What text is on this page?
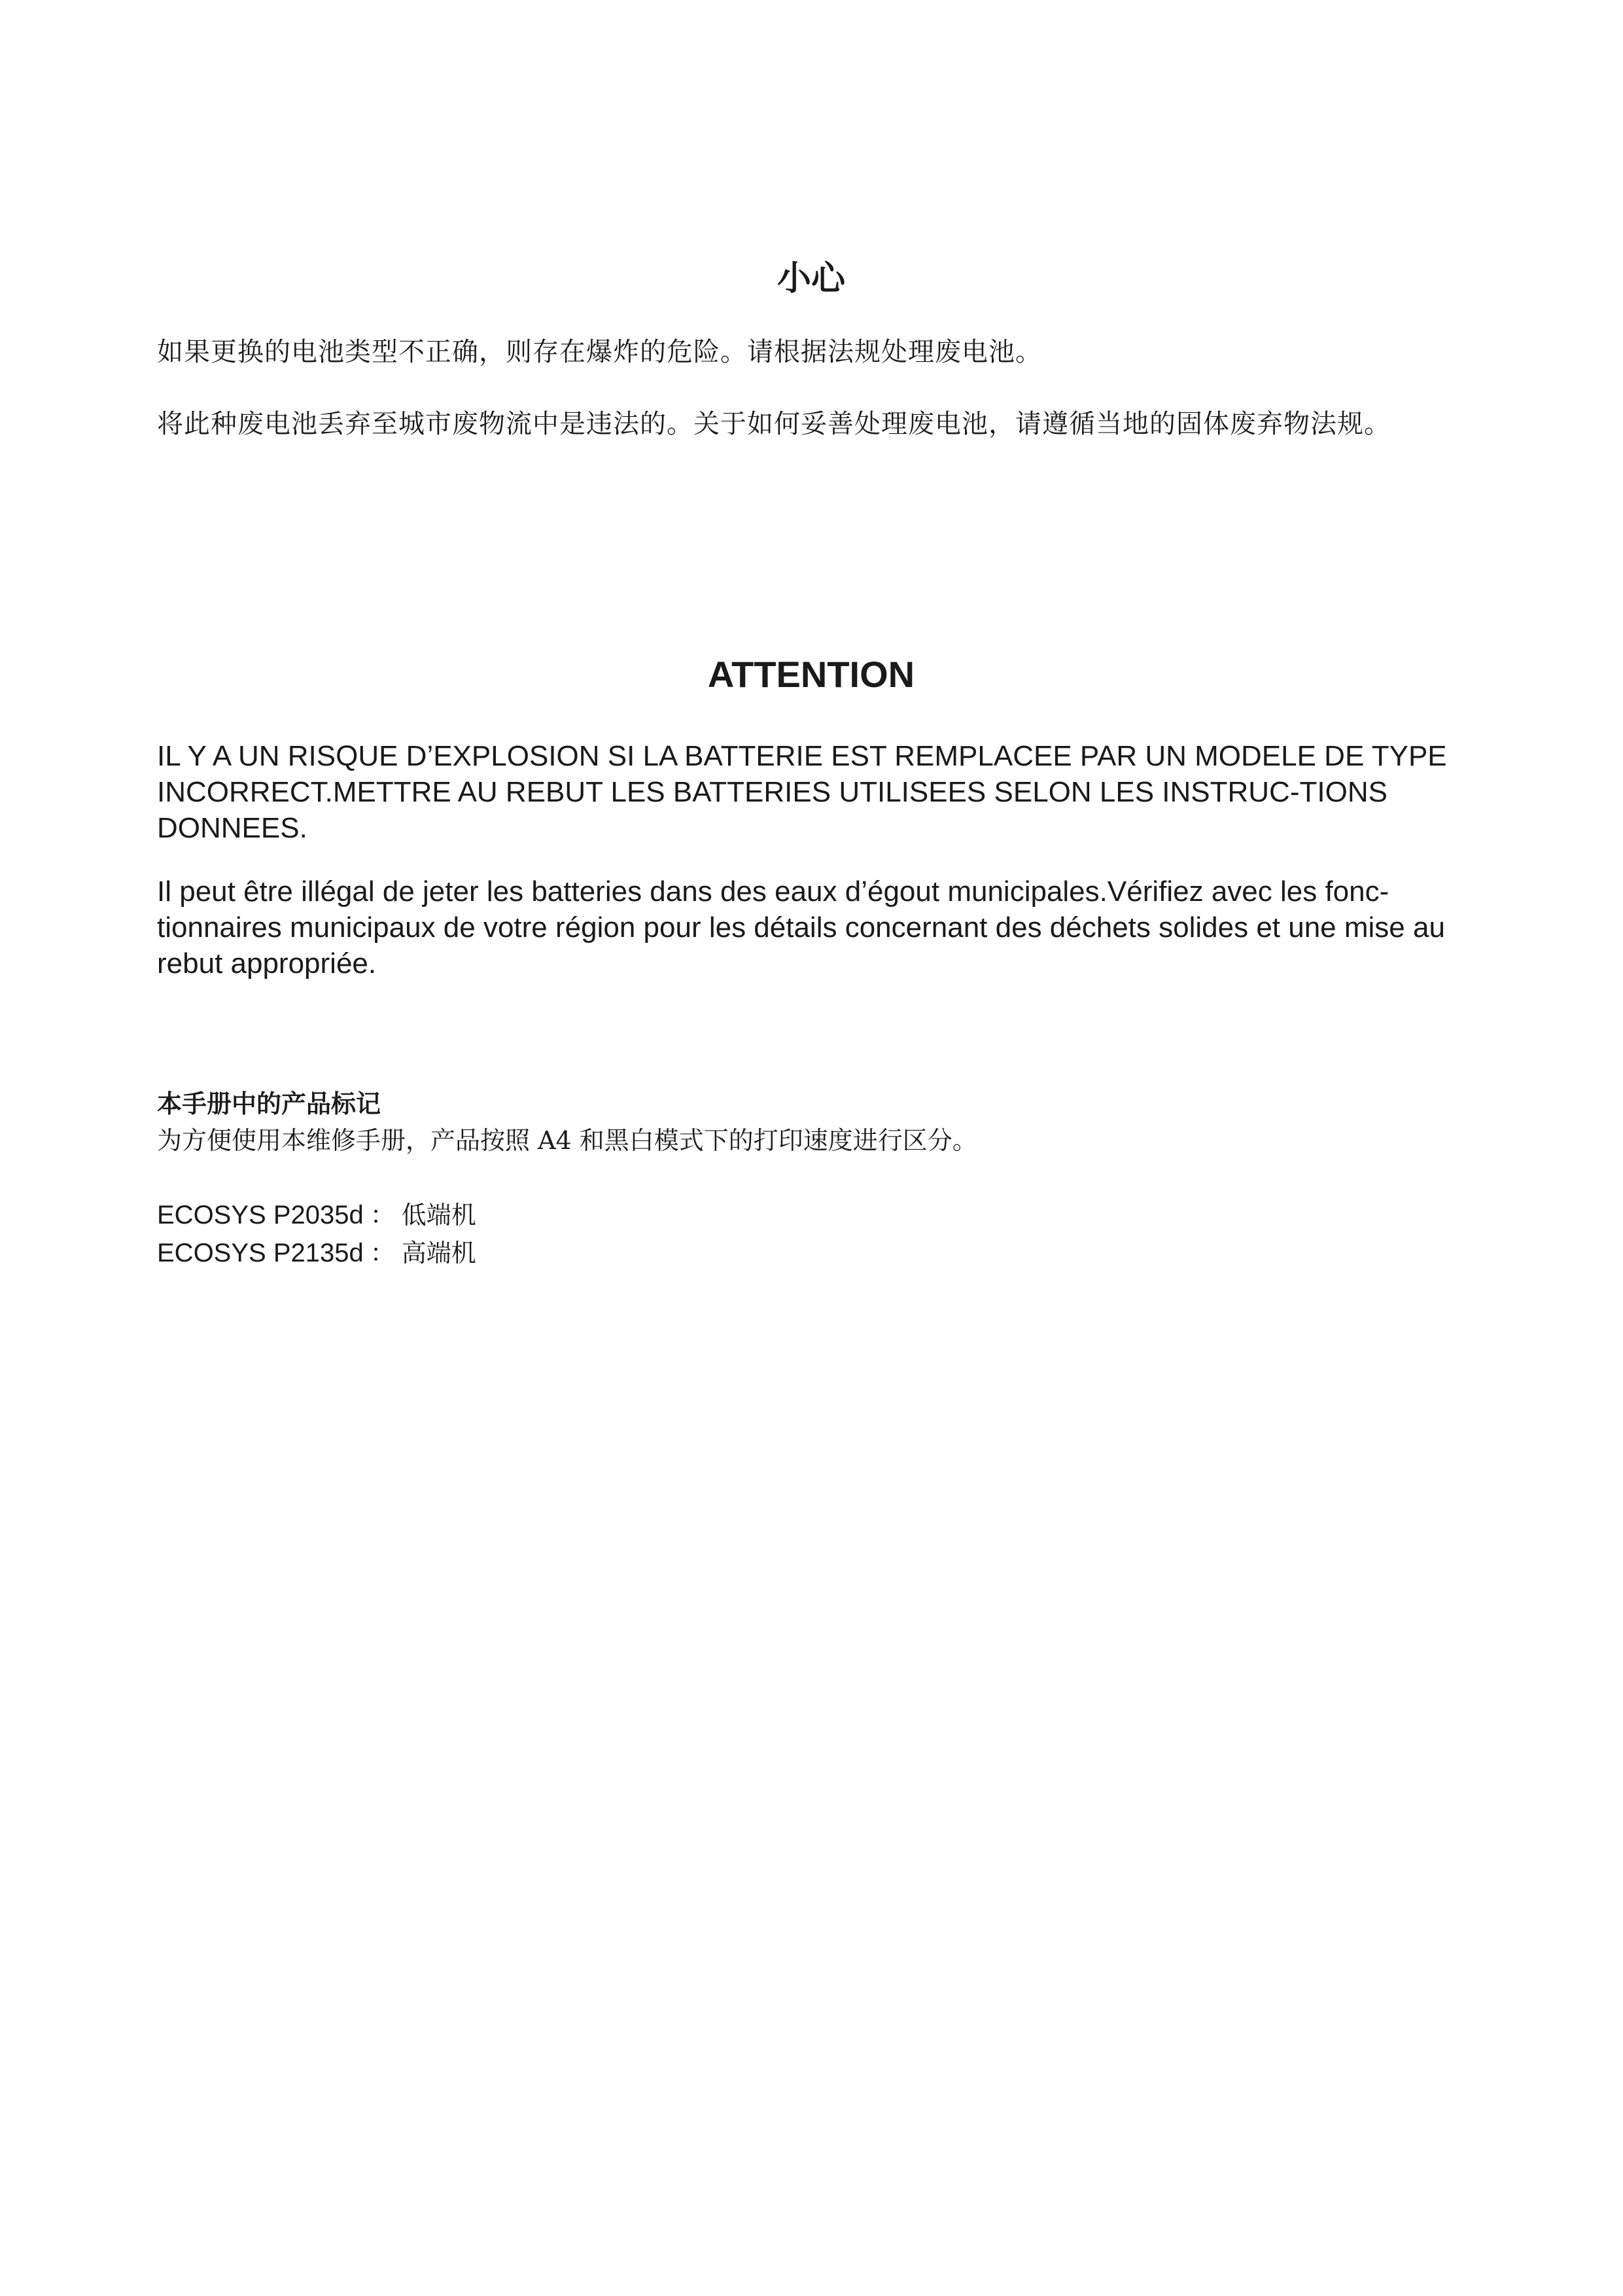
小心

如果更换的电池类型不正确，则存在爆炸的危险。请根据法规处理废电池。

将此种废电池丢弃至城市废物流中是违法的。关于如何妥善处理废电池，请遵循当地的固体废弃物法规。

ATTENTION

IL Y A UN RISQUE D’EXPLOSION SI LA BATTERIE EST REMPLACEE PAR UN MODELE DE TYPE INCORRECT.METTRE AU REBUT LES BATTERIES UTILISEES SELON LES INSTRUC-TIONS DONNEES.

Il peut être illégal de jeter les batteries dans des eaux d’égout municipales.Vérifiez avec les fonc-tionnaires municipaux de votre région pour les détails concernant des déchets solides et une mise au rebut appropriée.

本手册中的产品标记

为方便使用本维修手册，产品按照 A4 和黑白模式下的打印速度进行区分。

ECOSYS P2035d ： 低端机
ECOSYS P2135d ： 高端机
